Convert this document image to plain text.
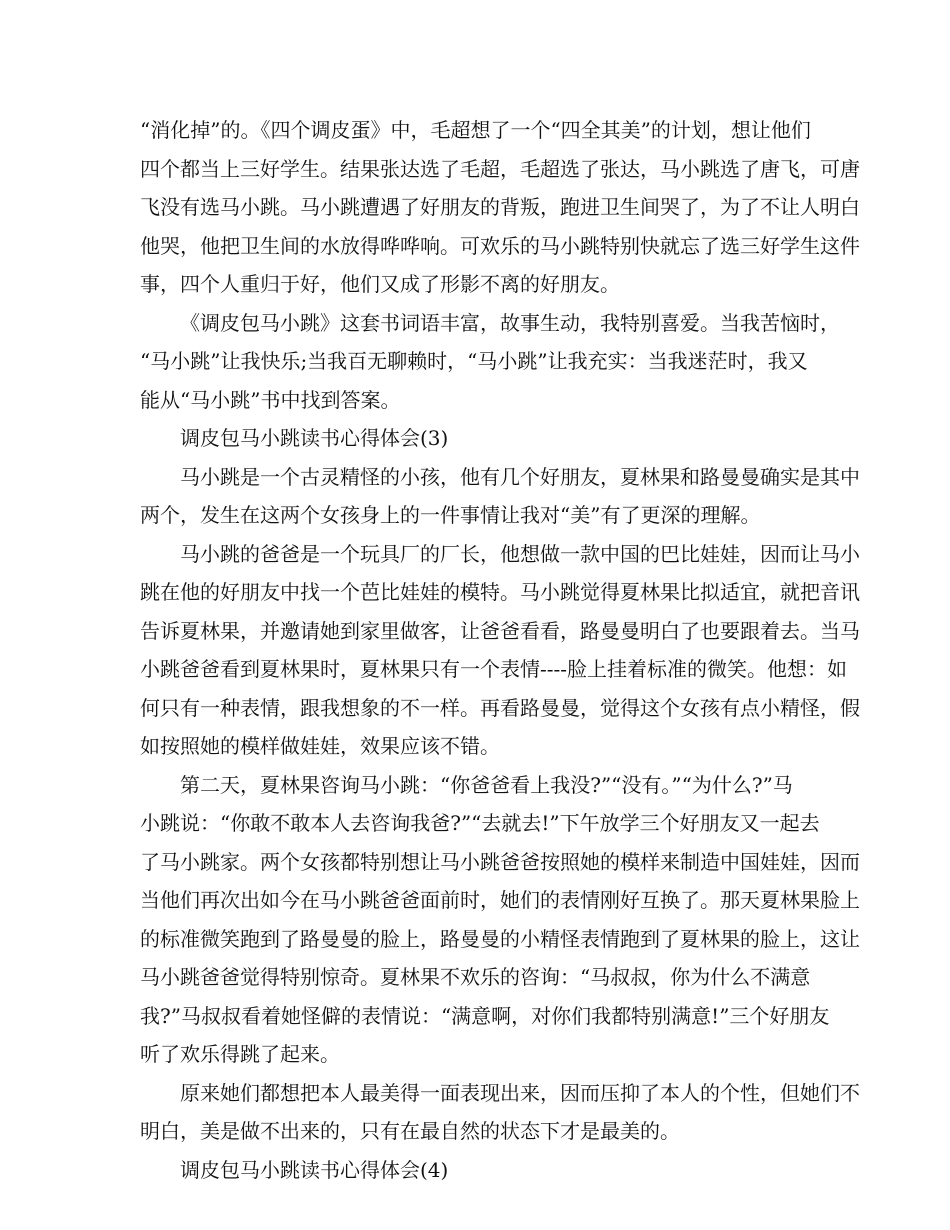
“消化掉”的。《四个调皮蛋》中，毛超想了一个“四全其美”的计划，想让他们
四个都当上三好学生。结果张达选了毛超，毛超选了张达，马小跳选了唐飞，可唐
飞没有选马小跳。马小跳遭遇了好朋友的背叛，跑进卫生间哭了，为了不让人明白
他哭，他把卫生间的水放得哗哗响。可欢乐的马小跳特别快就忘了选三好学生这件
事，四个人重归于好，他们又成了形影不离的好朋友。
《调皮包马小跳》这套书词语丰富，故事生动，我特别喜爱。当我苦恼时，
“马小跳”让我快乐;当我百无聊赖时，“马小跳”让我充实：当我迷茫时，我又
能从“马小跳”书中找到答案。
调皮包马小跳读书心得体会(3)
马小跳是一个古灵精怪的小孩，他有几个好朋友，夏林果和路曼曼确实是其中
两个，发生在这两个女孩身上的一件事情让我对“美”有了更深的理解。
马小跳的爸爸是一个玩具厂的厂长，他想做一款中国的巴比娃娃，因而让马小
跳在他的好朋友中找一个芭比娃娃的模特。马小跳觉得夏林果比拟适宜，就把音讯
告诉夏林果，并邀请她到家里做客，让爸爸看看，路曼曼明白了也要跟着去。当马
小跳爸爸看到夏林果时，夏林果只有一个表情----脸上挂着标准的微笑。他想：如
何只有一种表情，跟我想象的不一样。再看路曼曼，觉得这个女孩有点小精怪，假
如按照她的模样做娃娃，效果应该不错。
第二天，夏林果咨询马小跳：“你爸爸看上我没?”“没有。”“为什么?”马
小跳说：“你敢不敢本人去咨询我爸?”“去就去!”下午放学三个好朋友又一起去
了马小跳家。两个女孩都特别想让马小跳爸爸按照她的模样来制造中国娃娃，因而
当他们再次出如今在马小跳爸爸面前时，她们的表情刚好互换了。那天夏林果脸上
的标准微笑跑到了路曼曼的脸上，路曼曼的小精怪表情跑到了夏林果的脸上，这让
马小跳爸爸觉得特别惊奇。夏林果不欢乐的咨询：“马叔叔，你为什么不满意
我?”马叔叔看着她怪僻的表情说：“满意啊，对你们我都特别满意!”三个好朋友
听了欢乐得跳了起来。
原来她们都想把本人最美得一面表现出来，因而压抑了本人的个性，但她们不
明白，美是做不出来的，只有在最自然的状态下才是最美的。
调皮包马小跳读书心得体会(4)
